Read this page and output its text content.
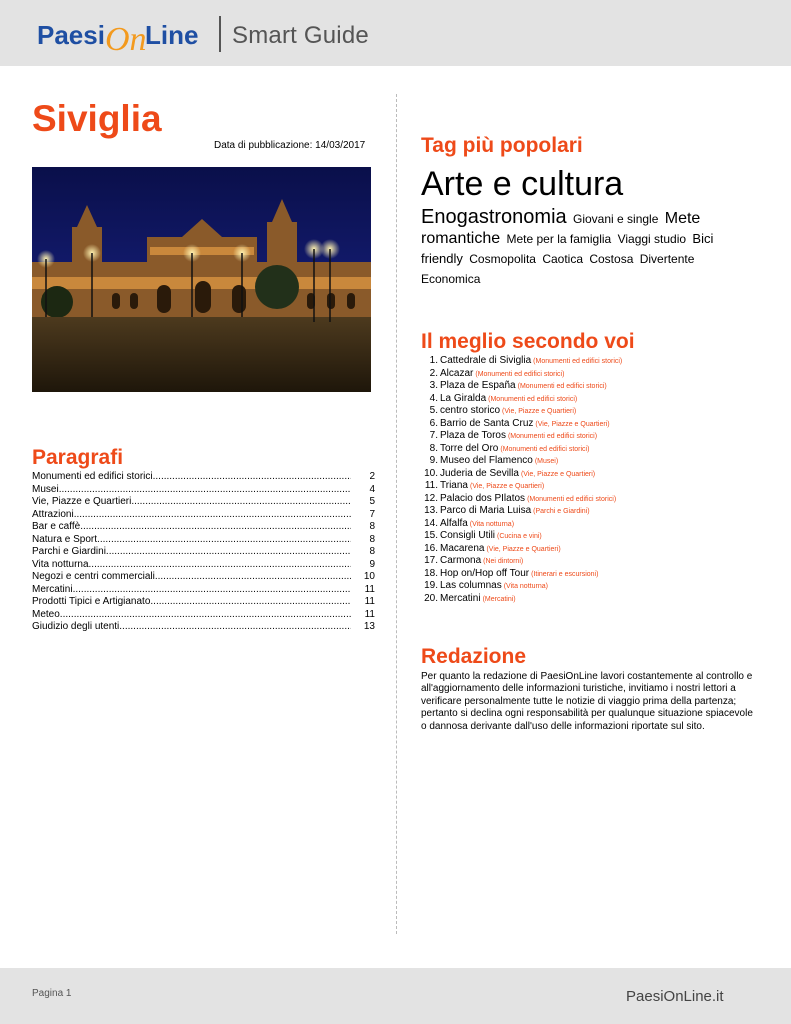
Paesi On
Line Smart Guide
Siviglia
Data di pubblicazione: 14/03/2017
Paragrafi
Monumenti ed edifici storici .....	2
Musei .....	4
Vie, Piazze e Quartieri .....	5
Attrazioni .....	7
Bar e caffè .....	8
Natura e Sport .....	8
Parchi e Giardini .....	8
Vita notturna .....	9
Negozi e centri commerciali .....	10
Mercatini .....	11
Prodotti Tipici e Artigianato .....	11
Meteo .....	11
Giudizio degli utenti .....	13
Tag più popolari
Arte e cultura
Enogastronomia Giovani e single Mete romantiche Mete per la famiglia Viaggi studio Bici friendly Cosmopolita Caotica Costosa Divertente Economica
Il meglio secondo voi
1. Cattedrale di Siviglia (Monumenti ed edifici storici)
2. Alcazar (Monumenti ed edifici storici)
3. Plaza de España (Monumenti ed edifici storici)
4. La Giralda (Monumenti ed edifici storici)
5. centro storico (Vie, Piazze e Quartieri)
6. Barrio de Santa Cruz (Vie, Piazze e Quartieri)
7. Plaza de Toros (Monumenti ed edifici storici)
8. Torre del Oro (Monumenti ed edifici storici)
9. Museo del Flamenco (Musei)
10. Juderia de Sevilla (Vie, Piazze e Quartieri)
11. Triana (Vie, Piazze e Quartieri)
12. Palacio dos PIlatos (Monumenti ed edifici storici)
13. Parco di Maria Luisa (Parchi e Giardini)
14. Alfalfa (Vita notturna)
15. Consigli Utili (Cucina e vini)
16. Macarena (Vie, Piazze e Quartieri)
17. Carmona (Nei dintorni)
18. Hop on/Hop off Tour (Itinerari e escursioni)
19. Las columnas (Vita notturna)
20. Mercatini (Mercatini)
Redazione
Per quanto la redazione di PaesiOnLine lavori costantemente al controllo e all'aggiornamento delle informazioni turistiche, invitiamo i nostri lettori a verificare personalmente tutte le notizie di viaggio prima della partenza; pertanto si declina ogni responsabilità per qualunque situazione spiacevole o dannosa derivante dall'uso delle informazioni riportate sul sito.
Pagina 1	PaesiOnLine.it
